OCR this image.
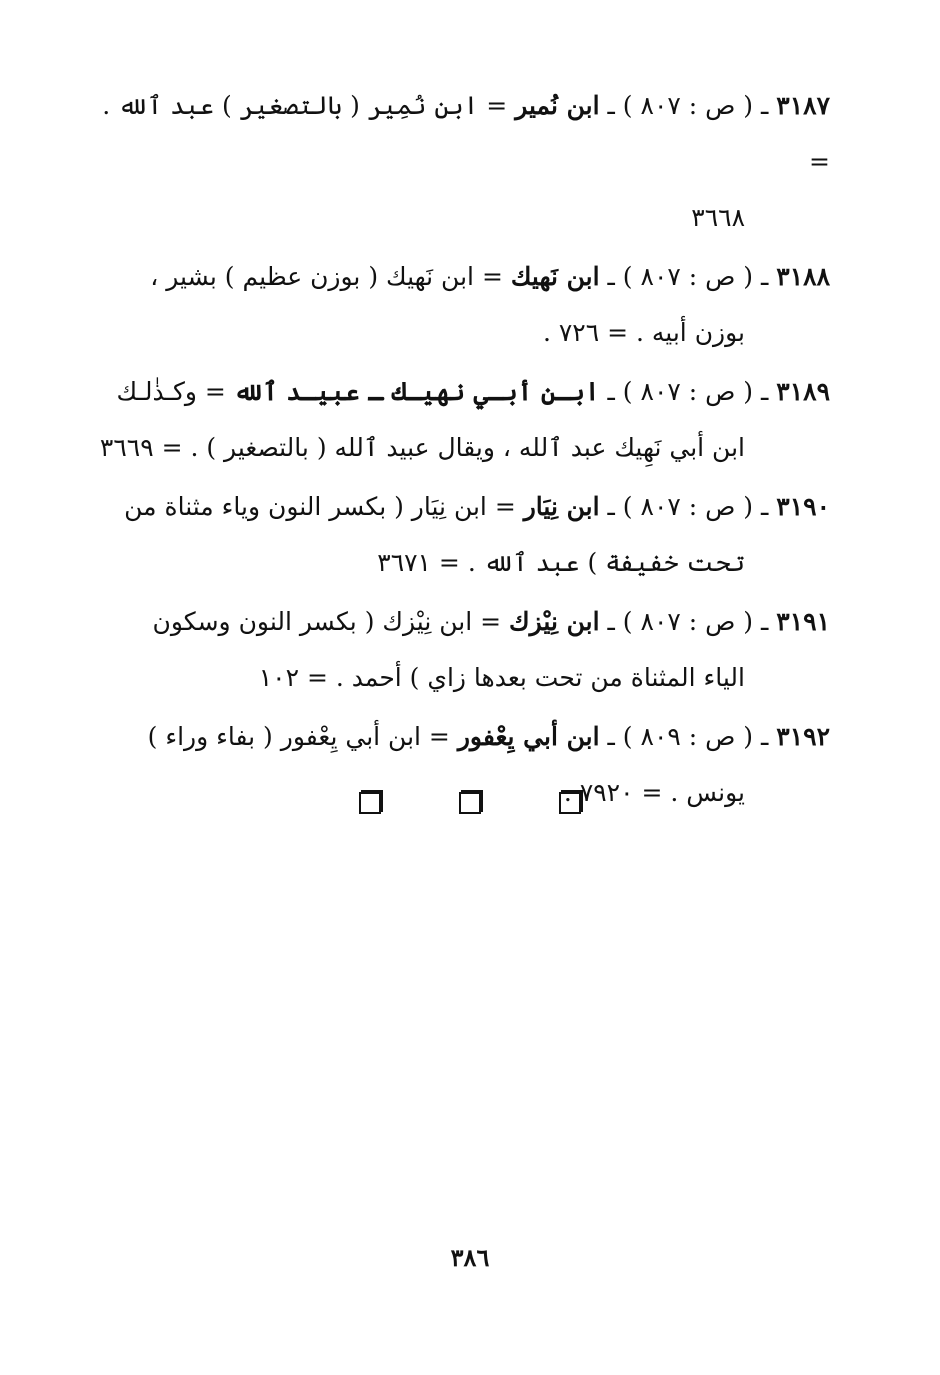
٣١٨٧ ـ ( ص : ٨٠٧ ) ـ ابن نُمير = ابن نُمِير ( بالتصغير ) عبد ٱلله . =
٣٦٦٨

٣١٨٨ ـ ( ص : ٨٠٧ ) ـ ابن نَهيك = ابن نَهيك ( بوزن عظيم ) بشير ،
بوزن أبيه . = ٧٢٦ .

٣١٨٩ ـ ( ص : ٨٠٧ ) ـ ابـن أبـي نهيـك ـ عبيـد ٱلله = وكـذٰلـك
ابن أبي نَهِيك عبد ٱلله ، ويقال عبيد ٱلله ( بالتصغير ) . = ٣٦٦٩

٣١٩٠ ـ ( ص : ٨٠٧ ) ـ ابن نِيَار = ابن نِيَار ( بكسر النون وياء مثناة من
تحت خفيفة ) عبد ٱلله . = ٣٦٧١

٣١٩١ ـ ( ص : ٨٠٧ ) ـ ابن نِيْزك = ابن نِيْزك ( بكسر النون وسكون
الياء المثناة من تحت بعدها زاي ) أحمد . = ١٠٢

٣١٩٢ ـ ( ص : ٨٠٩ ) ـ ابن أبي يِعْفور = ابن أبي يِعْفور ( بفاء وراء )
يونس . = ٧٩٢٠ .

٣٨٦
